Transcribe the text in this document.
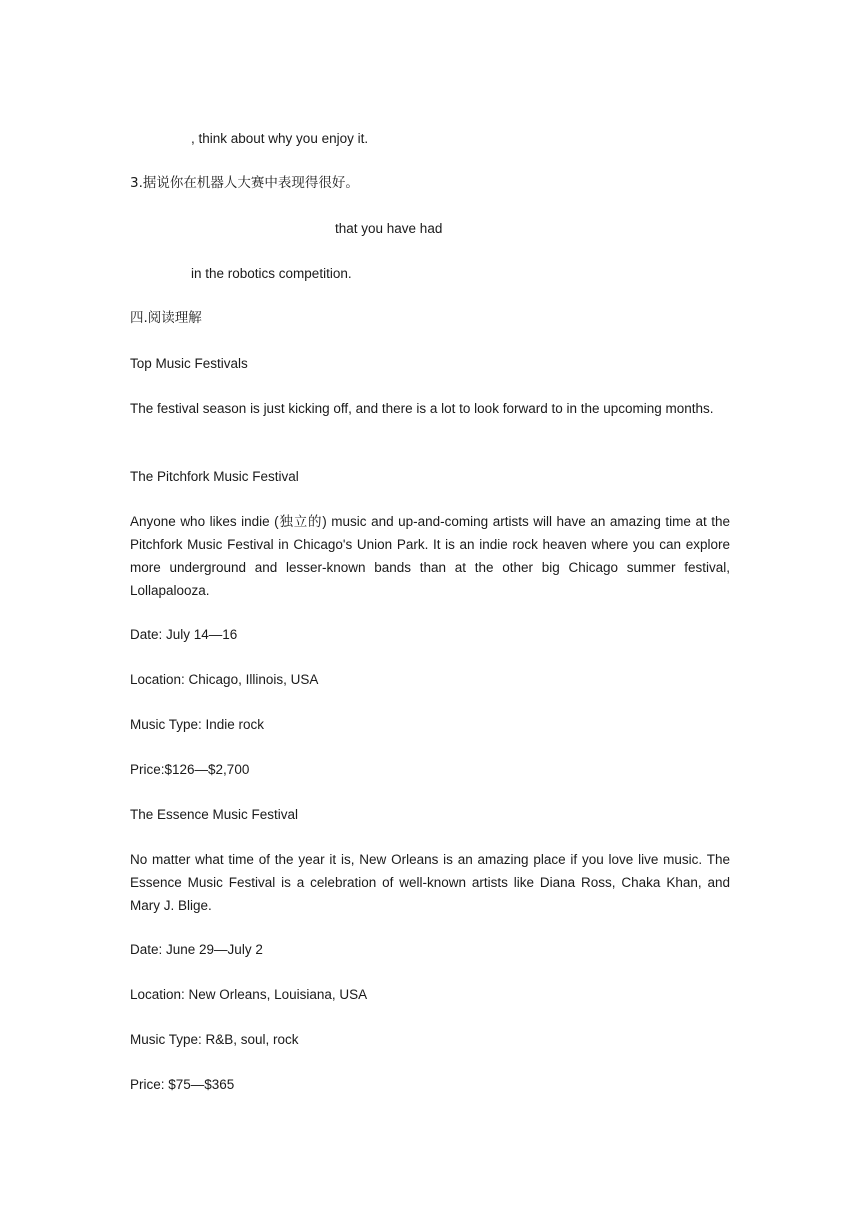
, think about why you enjoy it.
3.据说你在机器人大赛中表现得很好。
that you have had
in the robotics competition.
四.阅读理解
Top Music Festivals
The festival season is just kicking off, and there is a lot to look forward to in the upcoming months.
The Pitchfork Music Festival
Anyone who likes indie (独立的) music and up-and-coming artists will have an amazing time at the Pitchfork Music Festival in Chicago's Union Park. It is an indie rock heaven where you can explore more underground and lesser-known bands than at the other big Chicago summer festival, Lollapalooza.
Date: July 14—16
Location: Chicago, Illinois, USA
Music Type: Indie rock
Price:$126—$2,700
The Essence Music Festival
No matter what time of the year it is, New Orleans is an amazing place if you love live music. The Essence Music Festival is a celebration of well-known artists like Diana Ross, Chaka Khan, and Mary J. Blige.
Date: June 29—July 2
Location: New Orleans, Louisiana, USA
Music Type: R&B, soul, rock
Price: $75—$365
